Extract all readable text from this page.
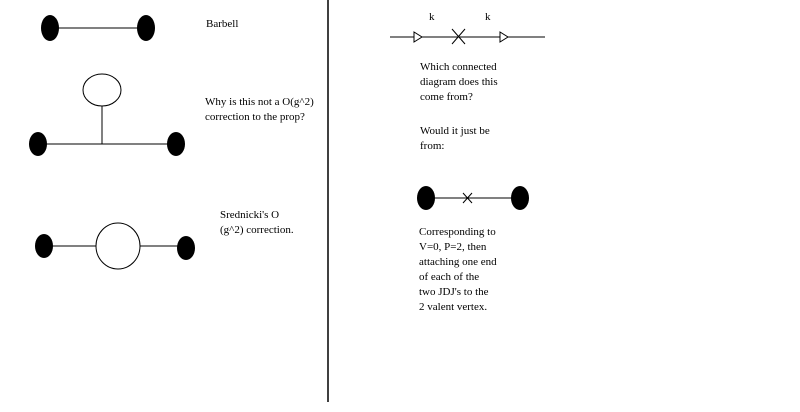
k	k

Barbell

Why is this not a O(g^2)
correction to the prop?

Srednicki's O
(g^2) correction.

Which connected
diagram does this
come from?

Would it just be
from:

Corresponding to
V=0, P=2, then
attaching one end
of each of the
two JDJ's to the
2 valent vertex.
